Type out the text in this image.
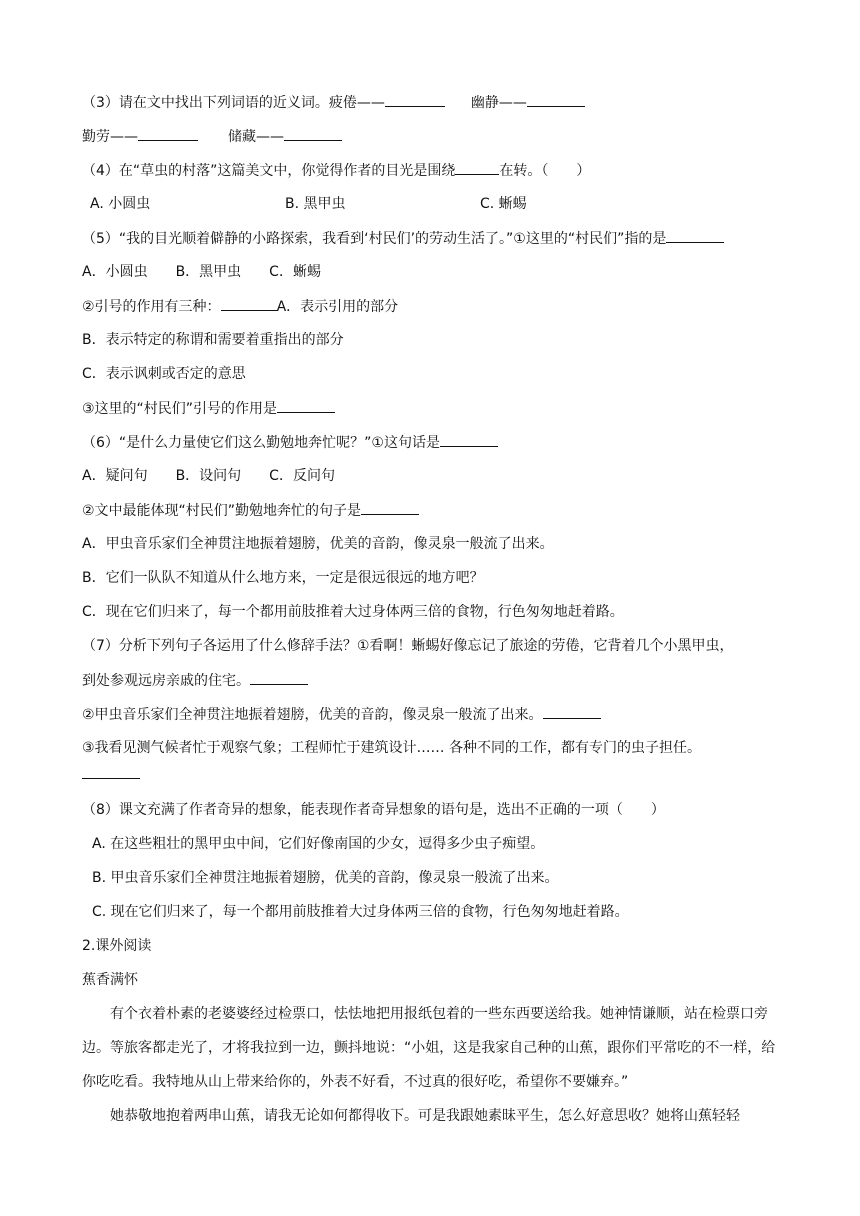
（3）请在文中找出下列词语的近义词。疲倦——	幽静——
勤劳——	储藏——
（4）在“草虫的村落”这篇美文中，你觉得作者的目光是围绕	在转。（　　）
A. 小圆虫	B. 黑甲虫	C. 蜥蜴
（5）“我的目光顺着僻静的小路探索，我看到‘村民们’的劳动生活了。”①这里的“村民们”指的是
A．小圆虫　　B．黑甲虫　　C．蜥蜴
②引号的作用有三种：	A．表示引用的部分
B．表示特定的称谓和需要着重指出的部分
C．表示讽刺或否定的意思
③这里的“村民们”引号的作用是
（6）“是什么力量使它们这么勤勉地奔忙呢？”①这句话是
A．疑问句　　B．设问句　　C．反问句
②文中最能体现“村民们”勤勉地奔忙的句子是
A．甲虫音乐家们全神贯注地振着翅膀，优美的音韵，像灵泉一般流了出来。
B．它们一队队不知道从什么地方来，一定是很远很远的地方吧？
C．现在它们归来了，每一个都用前肢推着大过身体两三倍的食物，行色匆匆地赶着路。
（7）分析下列句子各运用了什么修辞手法？①看啊！蜥蜴好像忘记了旅途的劳倦，它背着几个小黑甲虫，
到处参观远房亲戚的住宅。
②甲虫音乐家们全神贯注地振着翅膀，优美的音韵，像灵泉一般流了出来。
③我看见测气候者忙于观察气象；工程师忙于建筑设计…… 各种不同的工作，都有专门的虫子担任。
（8）课文充满了作者奇异的想象，能表现作者奇异想象的语句是，选出不正确的一项（　　）
A. 在这些粗壮的黑甲虫中间，它们好像南国的少女，逗得多少虫子痴望。
B. 甲虫音乐家们全神贯注地振着翅膀，优美的音韵，像灵泉一般流了出来。
C. 现在它们归来了，每一个都用前肢推着大过身体两三倍的食物，行色匆匆地赶着路。
2.课外阅读
蕉香满怀
有个衣着朴素的老婆婆经过检票口，怯怯地把用报纸包着的一些东西要送给我。她神情谦顺，站在检票口旁边。等旅客都走光了，才将我拉到一边，颤抖地说：“小姐，这是我家自己种的山蕉，跟你们平常吃的不一样，给你吃吃看。我特地从山上带来给你的，外表不好看，不过真的很好吃，希望你不要嫌弃。”
她恭敬地抱着两串山蕉，请我无论如何都得收下。可是我跟她素昧平生，怎么好意思收？她将山蕉轻轻
